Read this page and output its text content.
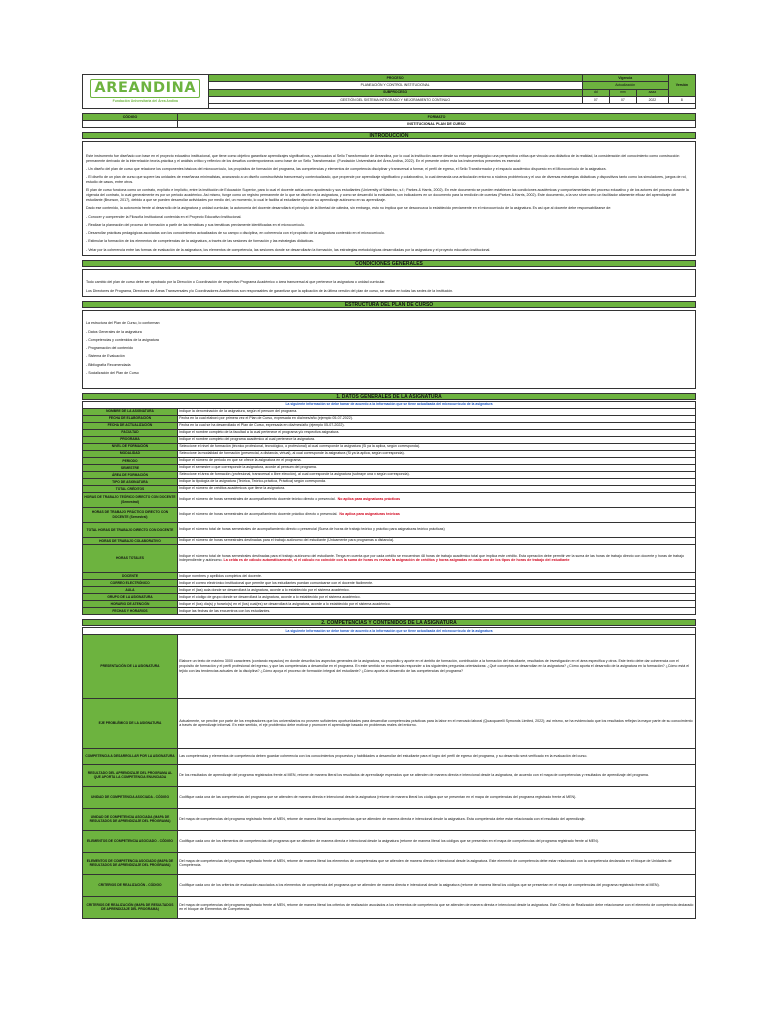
AREANDINA
Fundación Universitaria del Área Andina	PROCESO	Vigencia			Versión
	PLANEACIÓN Y CONTROL INSTITUCIONAL	Actualización			
	SUBPROCESO	dd	mm	aaaa	
	GESTIÓN DEL SISTEMA INTEGRADO Y MEJORAMIENTO CONTINUO	07	07	2022	8

CÓDIGO	FORMATO
	INSTITUCIONAL PLAN DE CURSO
INTRODUCCIÓN

Este instrumento fue diseñado con base en el proyecto educativo institucional, que tiene como objetivo garantizar aprendizajes significativos, y adecuados al Sello Transformador de Areandina, por lo cual la institución asume desde su enfoque pedagógico una perspectiva crítica que vincula una didáctica de la realidad, la consideración del conocimiento como construcción permanente derivado de la interrelación teoría-práctica y el análisis crítico y reflexivo de los desafíos contemporáneos como base de un Sello Transformador. (Fundación Universitaria del Área Andina, 2022). En el presente orden esta los instrumentos presentes es esencial:

- Un diseño del plan de curso que relacione los componentes básicos del microcurrículo, los propósitos de formación del programa, las competencias y elementos de competencia disciplinar y transversal a formar, el perfil de egreso, el Sello Transformador y el espacio académico dispuesto en el Microcurrículo de la asignatura.

- El diseño de un plan de curso que supere las unidades de enseñanza minimalistas, avanzando a un diseño constructivista transversal y contextualizado, que propende por aprendizaje significativo y colaborativo, lo cual demanda una articulación entorno a núcleos problémicos y el uso de diversas estrategias didácticas y dispositivos tanto como los simuladores, juegos de rol, estudio de casos, entre otros.

El plan de curso funciona como un contrato, explícito e implícito, entre la institución de Educación Superior, para lo cual el docente actúa como apoderado y sus estudiantes (University of Waterloo, s.f.; Parkes & Harris, 2002). En este documento se pueden establecer las condiciones académicas y comportamentales del proceso educativo y de los actores del proceso durante la vigencia del contrato, lo cual generalmente es por un periodo académico. Así mismo, funge como un registro permanente de lo que se diseñó en la asignatura, y como se desarrolló la evaluación, son indicadores en un documento para la rendición de cuentas (Parkes & Harris, 2002). Este documento, a la vez sirve como un facilitador altamente eficaz del aprendizaje del estudiante (Brunson, 2017), debido a que se pueden desarrollar actividades por medio del, un momento, lo cual le facilita al estudiante ejecutar su aprendizaje autónomo en su aprendizaje.

Dado ese contenido, la autonomía frente al desarrollo de la asignatura y unidad curricular, la autonomía del docente desarrollará el principio de la libertad de cátedra, sin embargo, esto no implica que se desconozca lo establecido previamente en el microcurrículo de la asignatura. Es así que al docente debe responsabilizarse de:

- Conocer y comprender la Filosofía Institucional contenida en el Proyecto Educativo Institucional.

- Realizar la planeación del proceso de formación a partir de las temáticas y sus temáticas previamente identificadas en el microcurrículo.

- Desarrollar prácticas pedagógicas asociadas con los conocimientos actualizados de su campo o disciplina, en coherencia con el propósito de la asignatura contenido en el microcurrículo.

- Estimular la formación de los elementos de competencias de la asignatura, a través de las sesiones de formación y las estrategias didácticas.

- Velar por la coherencia entre las formas de evaluación de la asignatura, los elementos de competencia, las sesiones donde se desarrollarán la formación, las estrategias metodológicas desarrolladas por la asignatura y el proyecto educativo institucional.

CONDICIONES GENERALES

Todo cambio del plan de curso debe ser aprobado por la Dirección o Coordinación de respectivo Programa Académico o área transversal al que pertenece la asignatura o unidad curricular.

Los Directores de Programa, Directores de Áreas Transversales y/o Coordinadores Académicos son responsables de garantizar que la aplicación de la última versión del plan de curso, se realice en todas las sedes de la institución.

ESTRUCTURA DEL PLAN DE CURSO

La estructura del Plan de Curso, lo conforman:

- Datos Generales de la asignatura

- Competencias y contenidos de la asignatura

- Programación del contenido

- Sistema de Evaluación

- Bibliografía Recomendada

- Socialización del Plan de Curso

1. DATOS GENERALES DE LA ASIGNATURA
La siguiente información se debe tomar de acuerdo a la información que se tiene actualizada del microcurrículo de la asignatura	
NOMBRE DE LA ASIGNATURA	Indique la denominación de la asignatura, según el pensum del programa.
FECHA DE ELABORACIÓN	Fecha en la cual elaboró por primera vez el Plan de Curso, expresada en día/mes/año (ejemplo 05-07-2022).
FECHA DE ACTUALIZACIÓN	Fecha en la cual se ha desarrollado el Plan de Curso, expresada en día/mes/año (ejemplo 05-07-2022).
FACULTAD	Indique el nombre completo de la facultad a la cual pertenece el programa y/o respectiva asignatura.
PROGRAMA	Indique el nombre completo del programa académico al cual pertenece la asignatura.
NIVEL DE FORMACIÓN	Seleccione el nivel de formación (técnico profesional, tecnológico, o profesional) al cual corresponde la asignatura (Si ya la aplica, según corresponda).
MODALIDAD	Seleccione la modalidad de formación (presencial, a distancia, virtual), al cual corresponde la asignatura (Si ya la aplica, según corresponda).
PERIODO	Indique el número de periodo en que se ofrece la asignatura en el programa.
SEMESTRE	Indique el semestre o que corresponde la asignatura, acorde al pensum del programa.
ÁREA DE FORMACIÓN	Seleccione el área de formación (profesional, transversal o libre elección), al cual corresponde la asignatura (subraye una x según corresponda).
TIPO DE ASIGNATURA	Indique la tipología de la asignatura (Teórica, Teórico-práctica, Práctica) según corresponda.
TOTAL CRÉDITOS	Indique el número de créditos académicos que tiene la asignatura.
HORAS DE TRABAJO TEÓRICO DIRECTO CON DOCENTE (Semestral)	Indique el número de horas semestrales de acompañamiento docente teórico directo o presencial. No aplica para asignaturas prácticas
HORAS DE TRABAJO PRÁCTICO DIRECTO CON DOCENTE (Semestral)	Indique el número de horas semestrales de acompañamiento docente práctico directo o presencial. No aplica para asignaturas teóricas
TOTAL HORAS DE TRABAJO DIRECTO CON DOCENTE	Indique el número total de horas semestrales de acompañamiento directo o presencial (Suma de horas de trabajo teórico y práctico para asignaturas teórico prácticas)
HORAS DE TRABAJO COLABORATIVO	Indique el número de horas semestrales destinadas para el trabajo autónomo del estudiante (Únicamente para programas a distancia).
HORAS TOTALES	Indique el número total de horas semestrales destinadas para el trabajo autónomo del estudiante. Tenga en cuenta que por cada crédito se encuentran 48 horas de trabajo académico total que implica este crédito. Esta operación debe permitir ver la suma de las horas de trabajo directo con docente y horas de trabajo independiente y autónomo. La celda es de cálculo automáticamente, si el cálculo no coincide con la suma de horas es revisar la asignación de créditos y horas asignadas en cada uno de los tipos de horas de trabajo del estudiante
DOCENTE	Indique nombres y apellidos completos del docente.
CORREO ELECTRÓNICO	Indique el correo electrónico institucional que permite que los estudiantes puedan comunicarse con el docente fácilmente.
AULA	Indique el (las) aula donde se desarrollará la asignatura, acorde a lo establecido por el sistema académico.
GRUPO DE LA ASIGNATURA	Indique el código de grupo donde se desarrollará la asignatura, acorde a lo establecido por el sistema académico.
HORARIO DE ATENCIÓN	Indique el (los) día(s) y horario(s) en el (los) cual(es) se desarrollará la asignatura, acorde a lo establecido por el sistema académico.
FECHAS Y HORARIOS	Indique las fechas de las encuentros con los estudiantes.
2. COMPETENCIAS Y CONTENIDOS DE LA ASIGNATURA
La siguiente información se debe tomar de acuerdo a la información que se tiene actualizada del microcurrículo de la asignatura	
PRESENTACIÓN DE LA ASIGNATURA	Elabore un texto de máximo 3000 caracteres (contando espacios) en donde describa los aspectos generales de la asignatura, su propósito y aporte en el ámbito de formación, contribución a la formación del estudiante, resultados de investigación en el área específica y otros. Este texto debe dar coherencia con el propósito de formación y el perfil profesional del egreso, y que las competencias a desarrollar en el programa. En este sentido se recomienda responder a los siguientes preguntas orientadoras: ¿Qué conceptos se desarrollan en la asignatura? ¿Cómo aporta el desarrollo de la asignatura en la formación? ¿Cómo está el tejido con las tendencias actuales de la disciplina? ¿Cómo apoya el proceso de formación integral del estudiante? ¿Cómo aporta al desarrollo de las competencias del programa?
EJE PROBLÉMICO DE LA ASIGNATURA	Actualmente, se percibe por parte de los empleadores que los universitarios no proveen suficientes oportunidades para desarrollar competencias prácticas para la labor en el mercado laboral (Quacquarelli Symonds Limited, 2022); así mismo, se ha evidenciado que los resultados reflejan la mayor parte de su conocimiento a través de aprendizaje informal. En este sentido, el eje problémico debe motivar y promover el aprendizaje basado en problemas reales del entorno.
COMPETENCIA A DESARROLLAR POR LA ASIGNATURA	Las competencias y elementos de competencia deben guardar coherencia con los conocimientos propuestos y habilidades a desarrollar del estudiante para el logro del perfil de egreso del programa, y su desarrollo será verificado en la evaluación del curso.
RESULTADO DEL APRENDIZAJE DEL PROGRAMA AL QUE APORTA LA COMPETENCIA ENUNCIADA	De los resultados de aprendizaje del programa registrados frente al MEN, retome de manera literal los resultados de aprendizaje esperados que se atienden de manera directa e intencional desde la asignatura, de acuerdo con el mapa de competencias y resultados de aprendizaje del programa.
UNIDAD DE COMPETENCIA ASOCIADA - CÓDIGO	Codifique cada una de las competencias del programa que se atienden de manera directa e intencional desde la asignatura (retome de manera literal los códigos que se presentan en el mapa de competencias del programa registrado frente al MEN).
UNIDAD DE COMPETENCIA ASOCIADA (MAPA DE RESULTADOS DE APRENDIZAJE DEL PROGRAMA)	Del mapa de competencias del programa registrado frente al MEN, retome de manera literal las competencias que se atienden de manera directa e intencional desde la asignatura. Esta competencia debe estar relacionada con el resultado del aprendizaje.
ELEMENTOS DE COMPETENCIA ASOCIADO - CÓDIGO	Codifique cada uno de los elementos de competencias del programa que se atienden de manera directa e intencional desde la asignatura (retome de manera literal los códigos que se presentan en el mapa de competencias del programa registrado frente al MEN).
ELEMENTOS DE COMPETENCIA ASOCIADO (MAPA DE RESULTADOS DE APRENDIZAJE DEL PROGRAMA)	Del mapa de competencias del programa registrado frente al MEN, retome de manera literal los elementos de competencias que se atienden de manera directa e intencional desde la asignatura. Este elemento de competencia debe estar relacionado con la competencia declarada en el bloque de Unidades de Competencia.
CRITERIOS DE REALIZACIÓN - CÓDIGO	Codifique cada uno de los criterios de evaluación asociados a los elementos de competencia del programa que se atienden de manera directa e intencional desde la asignatura (retome de manera literal los códigos que se presentan en el mapa de competencias del programa registrado frente al MEN).
CRITERIOS DE REALIZACIÓN (MAPA DE RESULTADOS DE APRENDIZAJE DEL PROGRAMA)	Del mapa de competencias del programa registrado frente al MEN, retome de manera literal los criterios de realización asociados a los elementos de competencia que se atienden de manera directa e intencional desde la asignatura. Este Criterio de Realización debe relacionarse con el elemento de competencia declarado en el bloque de Elementos de Competencia.
